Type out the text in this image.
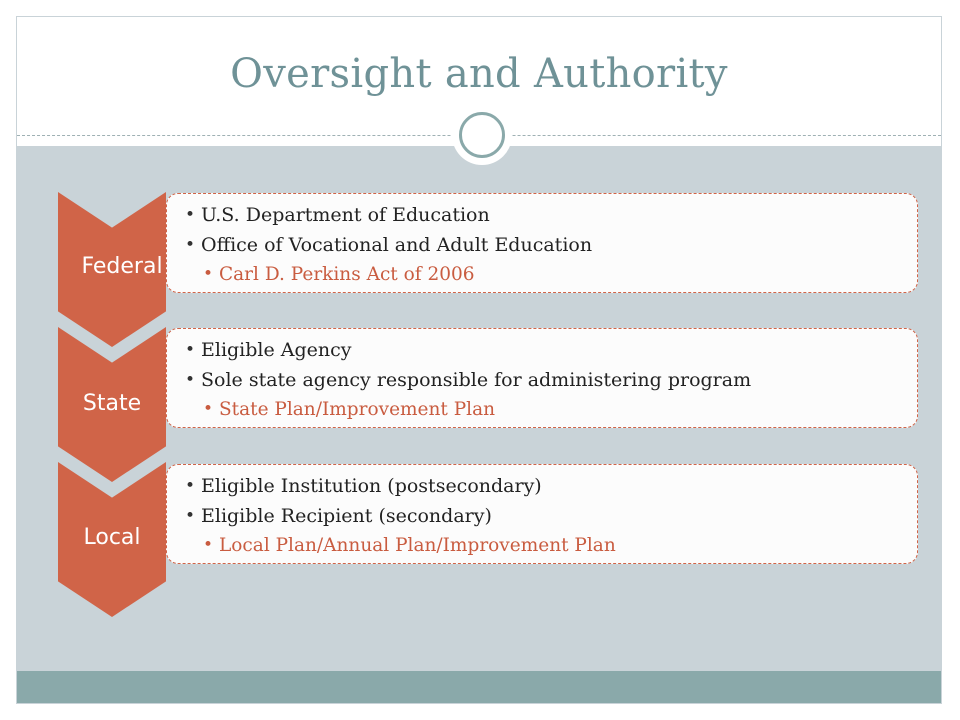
Oversight and Authority
• U.S. Department of Education
• Office of Vocational and Adult Education
• Carl D. Perkins Act of 2006
Federal
• Eligible Agency
• Sole state agency responsible for administering program
• State Plan/Improvement Plan
State
• Eligible Institution (postsecondary)
• Eligible Recipient (secondary)
• Local Plan/Annual Plan/Improvement Plan
Local
